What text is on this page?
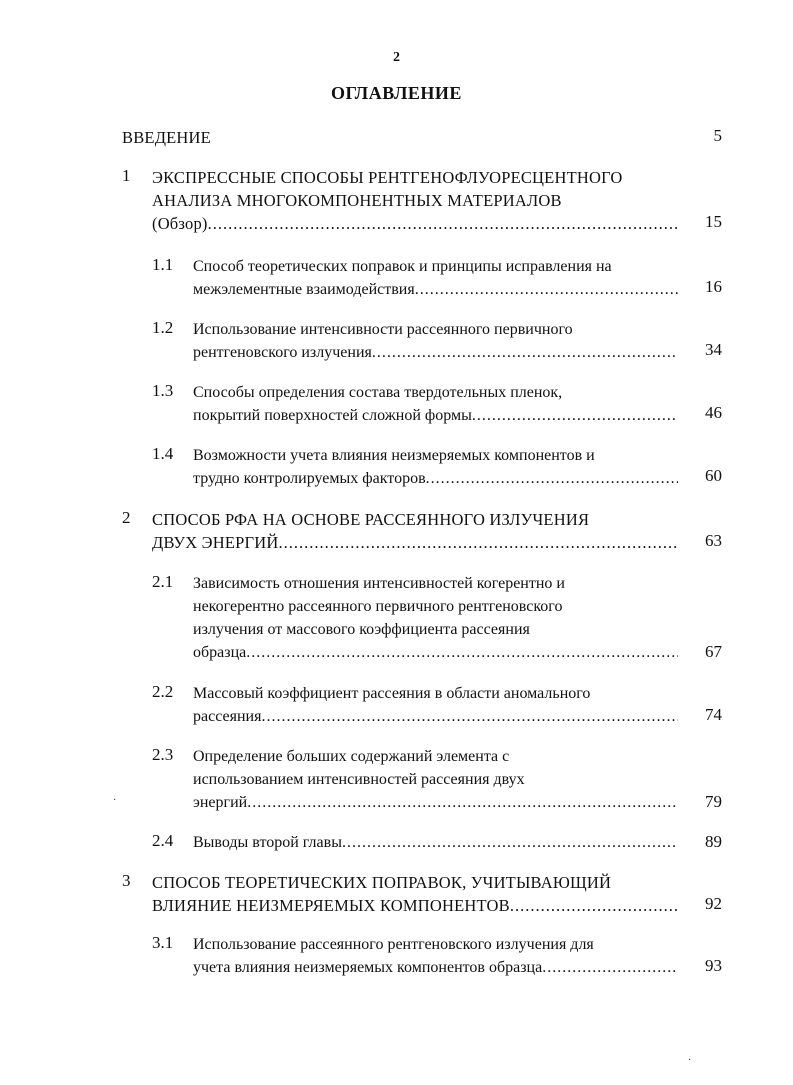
2
ОГЛАВЛЕНИЕ
ВВЕДЕНИЕ	5
1 ЭКСПРЕССНЫЕ СПОСОБЫ РЕНТГЕНОФЛУОРЕСЦЕНТНОГО
АНАЛИЗА МНОГОКОМПОНЕНТНЫХ МАТЕРИАЛОВ
(Обзор) .....	15
1.1 Способ теоретических поправок и принципы исправления на
межэлементные взаимодействия .....	16
1.2 Использование интенсивности рассеянного первичного
рентгеновского излучения .....	34
1.3 Способы определения состава твердотельных пленок,
покрытий поверхностей сложной формы .....	46
1.4 Возможности учета влияния неизмеряемых компонентов и
трудно контролируемых факторов .....	60
2 СПОСОБ РФА НА ОСНОВЕ РАССЕЯННОГО ИЗЛУЧЕНИЯ
ДВУХ ЭНЕРГИЙ .....	63
2.1 Зависимость отношения интенсивностей когерентно и
некогерентно рассеянного первичного рентгеновского
излучения от массового коэффициента рассеяния
образца .....	67
2.2 Массовый коэффициент рассеяния в области аномального
рассеяния .....	74
2.3 Определение больших содержаний элемента с
использованием интенсивностей рассеяния двух
энергий .....	79
2.4 Выводы второй главы .....	89
3 СПОСОБ ТЕОРЕТИЧЕСКИХ ПОПРАВОК, УЧИТЫВАЮЩИЙ
ВЛИЯНИЕ НЕИЗМЕРЯЕМЫХ КОМПОНЕНТОВ .....	92
3.1 Использование рассеянного рентгеновского излучения для
учета влияния неизмеряемых компонентов образца .....	93
·
·
